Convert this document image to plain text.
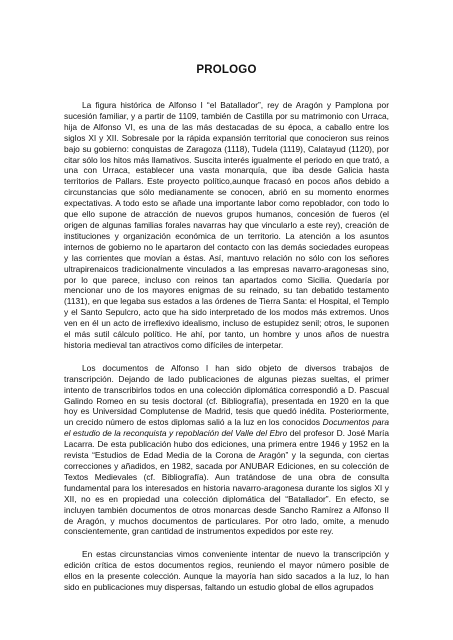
PROLOGO

La figura histórica de Alfonso I “el Batallador”, rey de Aragón y Pamplona por sucesión familiar, y a partir de 1109, también de Castilla por su matrimonio con Urraca, hija de Alfonso VI, es una de las más destacadas de su época, a caballo entre los siglos XI y XII. Sobresale por la rápida expansión territorial que conocieron sus reinos bajo su gobierno: conquistas de Zaragoza (1118), Tudela (1119), Calatayud (1120), por citar sólo los hitos más llamativos. Suscita interés igualmente el periodo en que trató, a una con Urraca, establecer una vasta monarquía, que iba desde Galicia hasta territorios de Pallars. Este proyecto político,aunque fracasó en pocos años debido a circunstancias que sólo medianamente se conocen, abrió en su momento enormes expectativas. A todo esto se añade una importante labor como repoblador, con todo lo que ello supone de atracción de nuevos grupos humanos, concesión de fueros (el origen de algunas familias forales navarras hay que vincularlo a este rey), creación de instituciones y organización económica de un territorio. La atención a los asuntos internos de gobierno no le apartaron del contacto con las demás sociedades europeas y las corrientes que movían a éstas. Así, mantuvo relación no sólo con los señores ultrapirenaicos tradicionalmente vinculados a las empresas navarro-aragonesas sino, por lo que parece, incluso con reinos tan apartados como Sicilia. Quedaría por mencionar uno de los mayores enigmas de su reinado, su tan debatido testamento (1131), en que legaba sus estados a las órdenes de Tierra Santa: el Hospital, el Templo y el Santo Sepulcro, acto que ha sido interpretado de los modos más extremos. Unos ven en él un acto de irreflexivo idealismo, incluso de estupidez senil; otros, le suponen el más sutil cálculo político. He ahí, por tanto, un hombre y unos años de nuestra historia medieval tan atractivos como difíciles de interpetar.

Los documentos de Alfonso I han sido objeto de diversos trabajos de transcripción. Dejando de lado publicaciones de algunas piezas sueltas, el primer intento de transcribirlos todos en una colección diplomática correspondió a D. Pascual Galindo Romeo en su tesis doctoral (cf. Bibliografía), presentada en 1920 en la que hoy es Universidad Complutense de Madrid, tesis que quedó inédita. Posteriormente, un crecido número de estos diplomas salió a la luz en los conocidos Documentos para el estudio de la reconquista y repoblación del Valle del Ebro del profesor D. José María Lacarra. De esta publicación hubo dos ediciones, una primera entre 1946 y 1952 en la revista “Estudios de Edad Media de la Corona de Aragón” y la segunda, con ciertas correcciones y añadidos, en 1982, sacada por ANUBAR Ediciones, en su colección de Textos Medievales (cf. Bibliografía). Aun tratándose de una obra de consulta fundamental para los interesados en historia navarro-aragonesa durante los siglos XI y XII, no es en propiedad una colección diplomática del “Batallador”. En efecto, se incluyen también documentos de otros monarcas desde Sancho Ramírez a Alfonso II de Aragón, y muchos documentos de particulares. Por otro lado, omite, a menudo conscientemente, gran cantidad de instrumentos expedidos por este rey.

En estas circunstancias vimos conveniente intentar de nuevo la transcripción y edición crítica de estos documentos regios, reuniendo el mayor número posible de ellos en la presente colección. Aunque la mayoría han sido sacados a la luz, lo han sido en publicaciones muy dispersas, faltando un estudio global de ellos agrupados
